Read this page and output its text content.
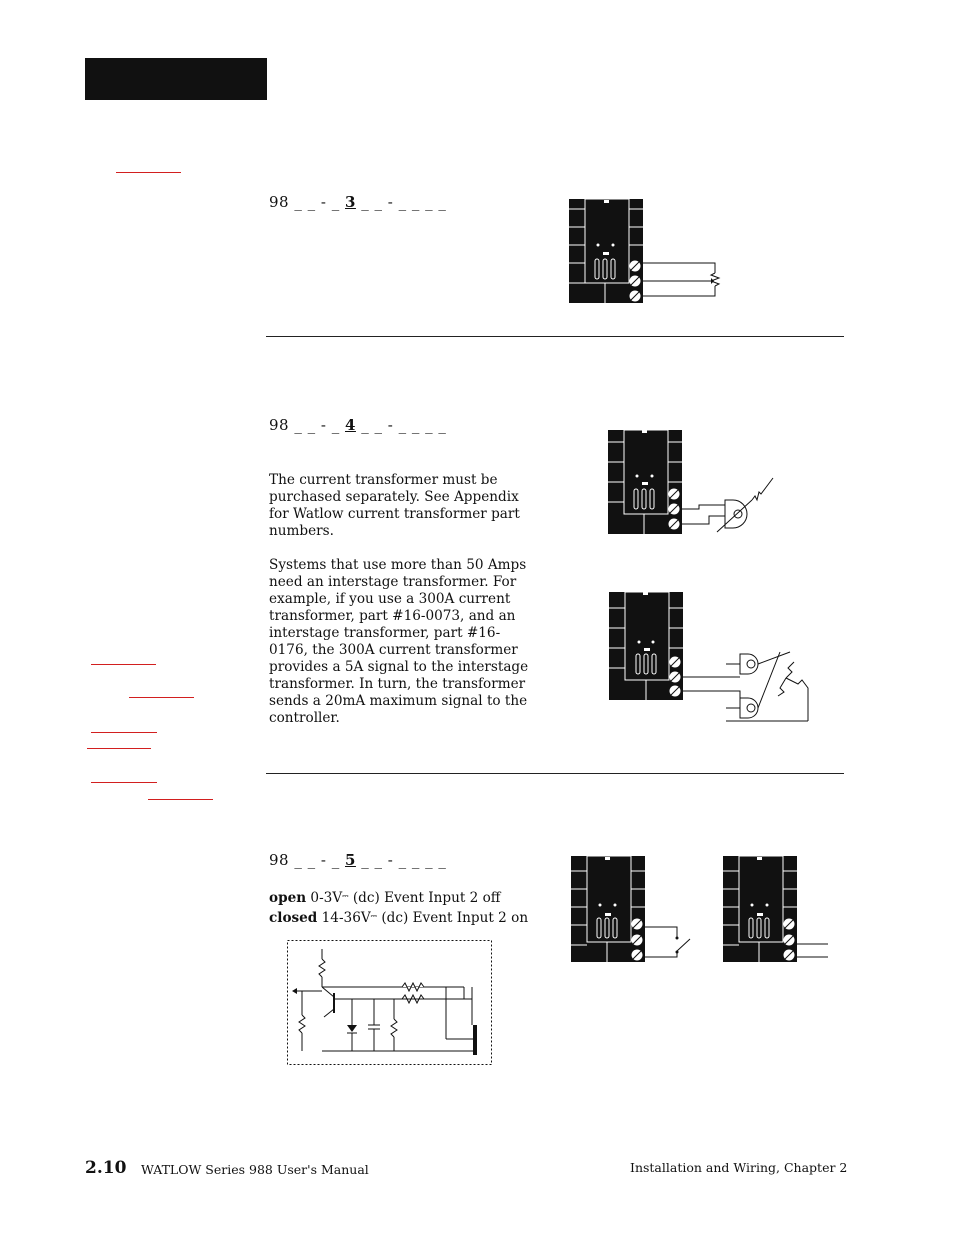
98 _ _ - _ 3 _ _ - _ _ _ _
98 _ _ - _ 4 _ _ - _ _ _ _

The current transformer must be purchased separately. See Appendix for Watlow current transformer part numbers.

Systems that use more than 50 Amps need an interstage transformer. For example, if you use a 300A current transformer, part #16-0073, and an interstage transformer, part #16-0176, the 300A current transformer provides a 5A signal to the interstage transformer. In turn, the transformer sends a 20mA maximum signal to the controller.

98 _ _ - _ 5 _ _ - _ _ _ _
open 0-3V⎓ (dc) Event Input 2 off
closed 14-36V⎓ (dc) Event Input 2 on
2.10 WATLOW Series 988 User's Manual	Installation and Wiring, Chapter 2
